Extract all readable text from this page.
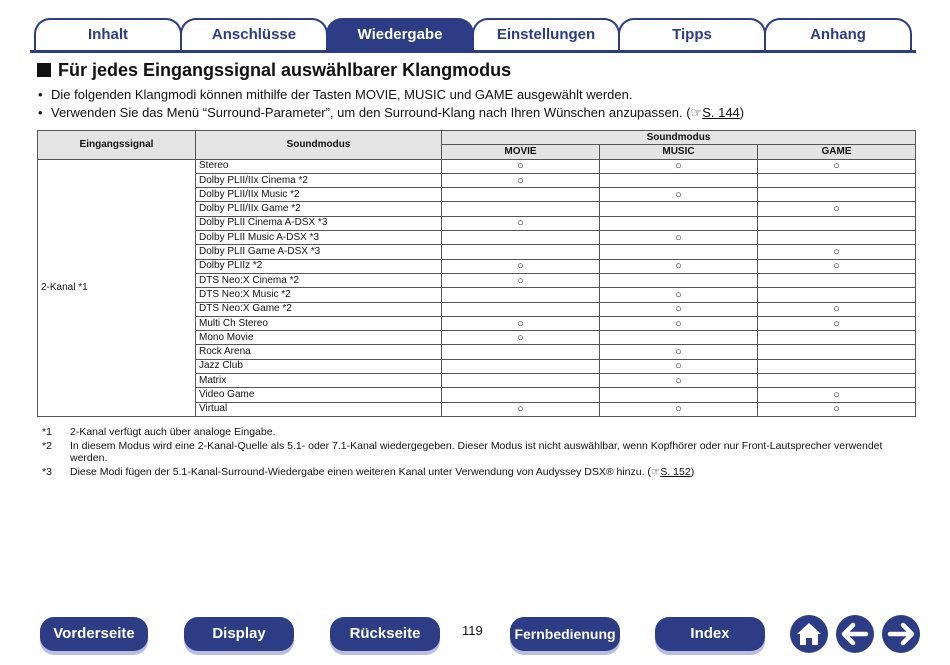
Inhalt	Anschlüsse	Wiedergabe	Einstellungen	Tipps	Anhang
Für jedes Eingangssignal auswählbarer Klangmodus
• Die folgenden Klangmodi können mithilfe der Tasten MOVIE, MUSIC und GAME ausgewählt werden.
• Verwenden Sie das Menü “Surround-Parameter”, um den Surround-Klang nach Ihren Wünschen anzupassen. (☞S. 144)
Eingangssignal	Soundmodus	Soundmodus		
		MOVIE	MUSIC	GAME
2-Kanal *1	Stereo	○	○	○
	Dolby PLII/IIx Cinema *2	○		
	Dolby PLII/IIx Music *2		○	
	Dolby PLII/IIx Game *2			○
	Dolby PLII Cinema A-DSX *3	○		
	Dolby PLII Music A-DSX *3		○	
	Dolby PLII Game A-DSX *3			○
	Dolby PLIIz *2	○	○	○
	DTS Neo:X Cinema *2	○		
	DTS Neo:X Music *2		○	
	DTS Neo:X Game *2		○	○
	Multi Ch Stereo	○	○	○
	Mono Movie	○		
	Rock Arena		○	
	Jazz Club		○	
	Matrix		○	
	Video Game			○
	Virtual	○	○	○
*1 2-Kanal verfügt auch über analoge Eingabe.
*2 In diesem Modus wird eine 2-Kanal-Quelle als 5.1- oder 7.1-Kanal wiedergegeben. Dieser Modus ist nicht auswählbar, wenn Kopfhörer oder nur Front-Lautsprecher verwendet werden.
*3 Diese Modi fügen der 5.1-Kanal-Surround-Wiedergabe einen weiteren Kanal unter Verwendung von Audyssey DSX® hinzu. (☞S. 152)
Vorderseite	Display	Rückseite	119	Fernbedienung	Index
